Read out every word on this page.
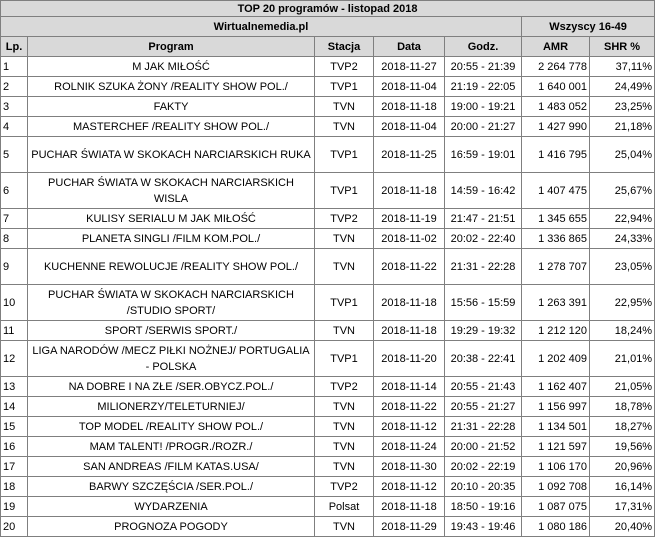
TOP 20 programów - listopad 2018						
Wirtualnemedia.pl					Wszyscy 16-49	
Lp.	Program	Stacja	Data	Godz.	AMR	SHR %
1	M JAK MIŁOŚĆ	TVP2	2018-11-27	20:55 - 21:39	2 264 778	37,11%
2	ROLNIK SZUKA ŻONY /REALITY SHOW POL./	TVP1	2018-11-04	21:19 - 22:05	1 640 001	24,49%
3	FAKTY	TVN	2018-11-18	19:00 - 19:21	1 483 052	23,25%
4	MASTERCHEF /REALITY SHOW POL./	TVN	2018-11-04	20:00 - 21:27	1 427 990	21,18%
5	PUCHAR ŚWIATA W SKOKACH NARCIARSKICH RUKA	TVP1	2018-11-25	16:59 - 19:01	1 416 795	25,04%
6	PUCHAR ŚWIATA W SKOKACH NARCIARSKICH WISLA	TVP1	2018-11-18	14:59 - 16:42	1 407 475	25,67%
7	KULISY SERIALU M JAK MIŁOŚĆ	TVP2	2018-11-19	21:47 - 21:51	1 345 655	22,94%
8	PLANETA SINGLI /FILM KOM.POL./	TVN	2018-11-02	20:02 - 22:40	1 336 865	24,33%
9	KUCHENNE REWOLUCJE /REALITY SHOW POL./	TVN	2018-11-22	21:31 - 22:28	1 278 707	23,05%
10	PUCHAR ŚWIATA W SKOKACH NARCIARSKICH /STUDIO SPORT/	TVP1	2018-11-18	15:56 - 15:59	1 263 391	22,95%
11	SPORT /SERWIS SPORT./	TVN	2018-11-18	19:29 - 19:32	1 212 120	18,24%
12	LIGA NARODÓW /MECZ PIŁKI NOŻNEJ/ PORTUGALIA - POLSKA	TVP1	2018-11-20	20:38 - 22:41	1 202 409	21,01%
13	NA DOBRE I NA ZŁE /SER.OBYCZ.POL./	TVP2	2018-11-14	20:55 - 21:43	1 162 407	21,05%
14	MILIONERZY/TELETURNIEJ/	TVN	2018-11-22	20:55 - 21:27	1 156 997	18,78%
15	TOP MODEL /REALITY SHOW POL./	TVN	2018-11-12	21:31 - 22:28	1 134 501	18,27%
16	MAM TALENT! /PROGR./ROZR./	TVN	2018-11-24	20:00 - 21:52	1 121 597	19,56%
17	SAN ANDREAS /FILM KATAS.USA/	TVN	2018-11-30	20:02 - 22:19	1 106 170	20,96%
18	BARWY SZCZĘŚCIA /SER.POL./	TVP2	2018-11-12	20:10 - 20:35	1 092 708	16,14%
19	WYDARZENIA	Polsat	2018-11-18	18:50 - 19:16	1 087 075	17,31%
20	PROGNOZA POGODY	TVN	2018-11-29	19:43 - 19:46	1 080 186	20,40%
